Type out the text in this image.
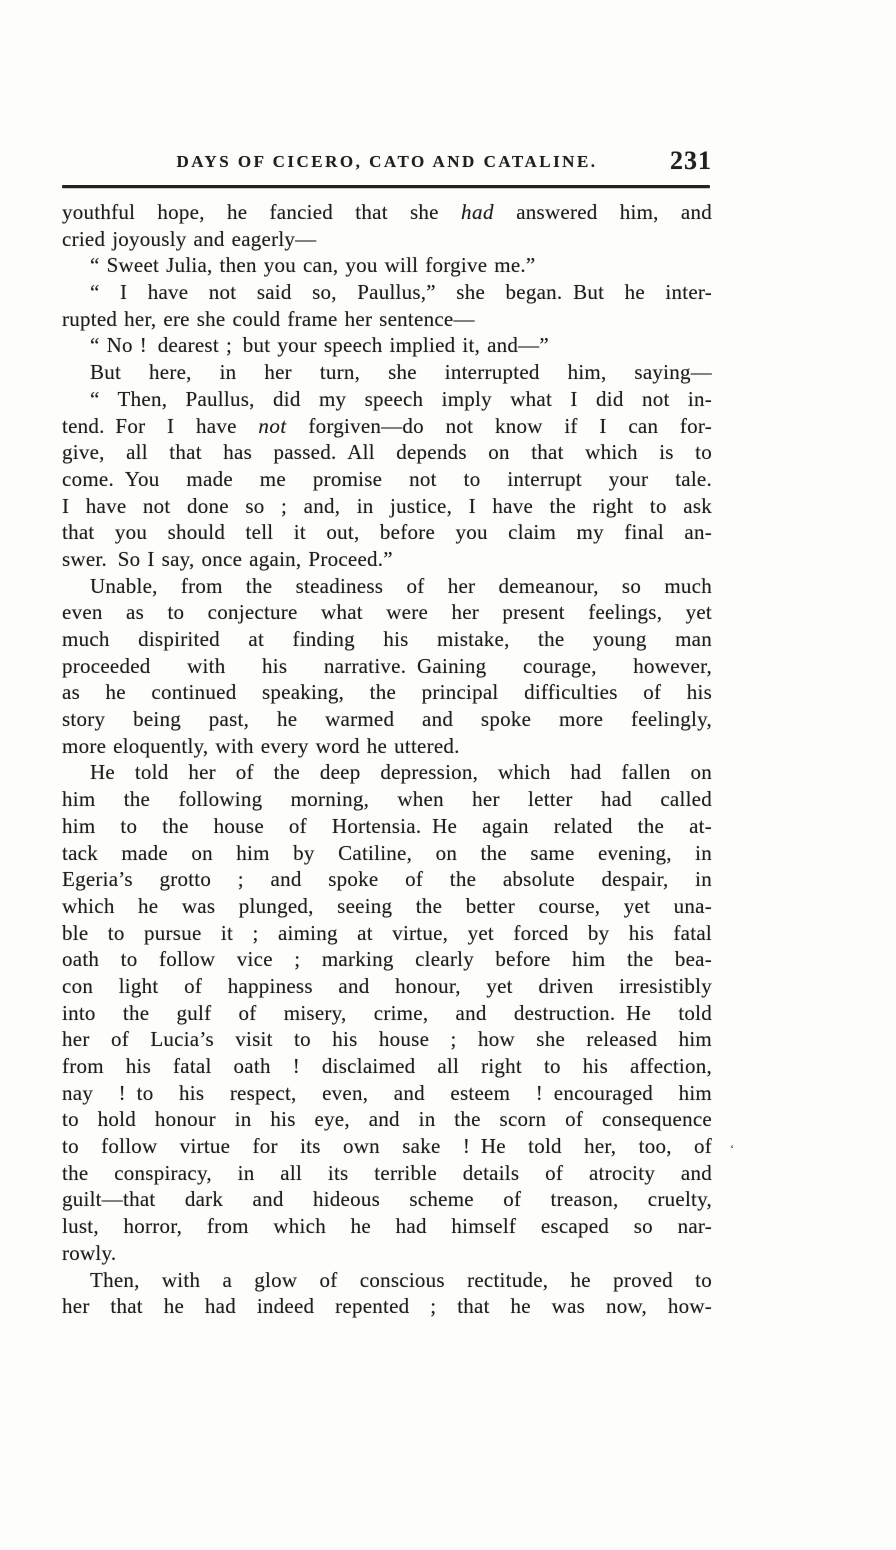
DAYS OF CICERO, CATO AND CATALINE.	231
youthful hope, he fancied that she had answered him, and
cried joyously and eagerly—
“ Sweet Julia, then you can, you will forgive me.”
“ I have not said so, Paullus,” she began. But he inter-
rupted her, ere she could frame her sentence—
“ No ! dearest ; but your speech implied it, and—”
But here, in her turn, she interrupted him, saying—
“ Then, Paullus, did my speech imply what I did not in-
tend. For I have not forgiven—do not know if I can for-
give, all that has passed. All depends on that which is to
come. You made me promise not to interrupt your tale.
I have not done so ; and, in justice, I have the right to ask
that you should tell it out, before you claim my final an-
swer. So I say, once again, Proceed.”
Unable, from the steadiness of her demeanour, so much
even as to conjecture what were her present feelings, yet
much dispirited at finding his mistake, the young man
proceeded with his narrative. Gaining courage, however,
as he continued speaking, the principal difficulties of his
story being past, he warmed and spoke more feelingly,
more eloquently, with every word he uttered.
He told her of the deep depression, which had fallen on
him the following morning, when her letter had called
him to the house of Hortensia. He again related the at-
tack made on him by Catiline, on the same evening, in
Egeria’s grotto ; and spoke of the absolute despair, in
which he was plunged, seeing the better course, yet una-
ble to pursue it ; aiming at virtue, yet forced by his fatal
oath to follow vice ; marking clearly before him the bea-
con light of happiness and honour, yet driven irresistibly
into the gulf of misery, crime, and destruction. He told
her of Lucia’s visit to his house ; how she released him
from his fatal oath ! disclaimed all right to his affection,
nay ! to his respect, even, and esteem ! encouraged him
to hold honour in his eye, and in the scorn of consequence
to follow virtue for its own sake ! He told her, too, of
the conspiracy, in all its terrible details of atrocity and
guilt—that dark and hideous scheme of treason, cruelty,
lust, horror, from which he had himself escaped so nar-
rowly.
Then, with a glow of conscious rectitude, he proved to
her that he had indeed repented ; that he was now, how-
‘
